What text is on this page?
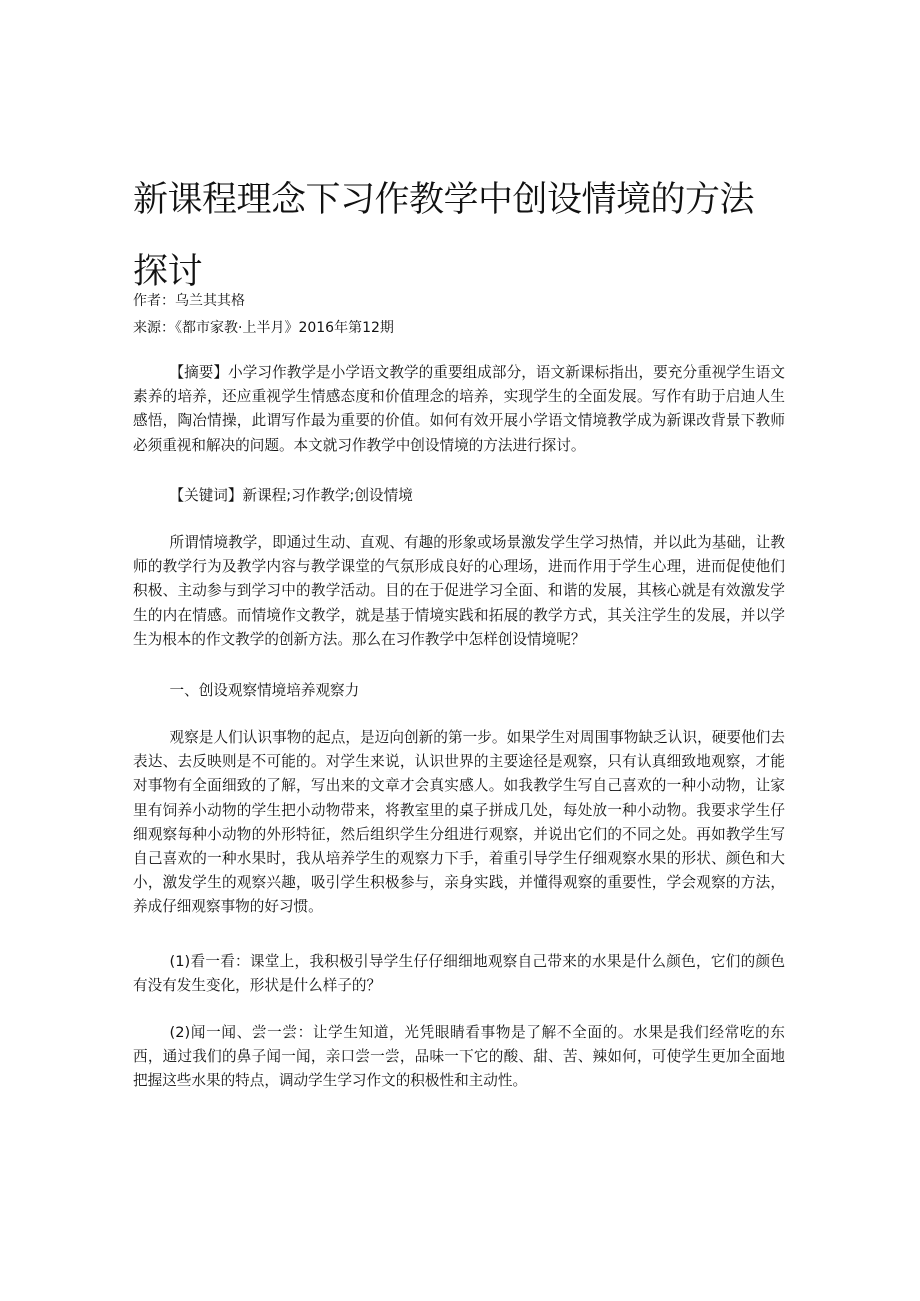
新课程理念下习作教学中创设情境的方法探讨

作者：乌兰其其格

来源：《都市家教·上半月》2016年第12期

【摘要】小学习作教学是小学语文教学的重要组成部分，语文新课标指出，要充分重视学生语文素养的培养，还应重视学生情感态度和价值理念的培养，实现学生的全面发展。写作有助于启迪人生感悟，陶冶情操，此谓写作最为重要的价值。如何有效开展小学语文情境教学成为新课改背景下教师必须重视和解决的问题。本文就习作教学中创设情境的方法进行探讨。

【关键词】新课程;习作教学;创设情境

所谓情境教学，即通过生动、直观、有趣的形象或场景激发学生学习热情，并以此为基础，让教师的教学行为及教学内容与教学课堂的气氛形成良好的心理场，进而作用于学生心理，进而促使他们积极、主动参与到学习中的教学活动。目的在于促进学习全面、和谐的发展，其核心就是有效激发学生的内在情感。而情境作文教学，就是基于情境实践和拓展的教学方式，其关注学生的发展，并以学生为根本的作文教学的创新方法。那么在习作教学中怎样创设情境呢？

一、创设观察情境培养观察力

观察是人们认识事物的起点，是迈向创新的第一步。如果学生对周围事物缺乏认识，硬要他们去表达、去反映则是不可能的。对学生来说，认识世界的主要途径是观察，只有认真细致地观察，才能对事物有全面细致的了解，写出来的文章才会真实感人。如我教学生写自己喜欢的一种小动物，让家里有饲养小动物的学生把小动物带来，将教室里的桌子拼成几处，每处放一种小动物。我要求学生仔细观察每种小动物的外形特征，然后组织学生分组进行观察，并说出它们的不同之处。再如教学生写自己喜欢的一种水果时，我从培养学生的观察力下手，着重引导学生仔细观察水果的形状、颜色和大小，激发学生的观察兴趣，吸引学生积极参与，亲身实践，并懂得观察的重要性，学会观察的方法，养成仔细观察事物的好习惯。

(1)看一看：课堂上，我积极引导学生仔仔细细地观察自己带来的水果是什么颜色，它们的颜色有没有发生变化，形状是什么样子的？

(2)闻一闻、尝一尝：让学生知道，光凭眼睛看事物是了解不全面的。水果是我们经常吃的东西，通过我们的鼻子闻一闻，亲口尝一尝，品味一下它的酸、甜、苦、辣如何，可使学生更加全面地把握这些水果的特点，调动学生学习作文的积极性和主动性。
